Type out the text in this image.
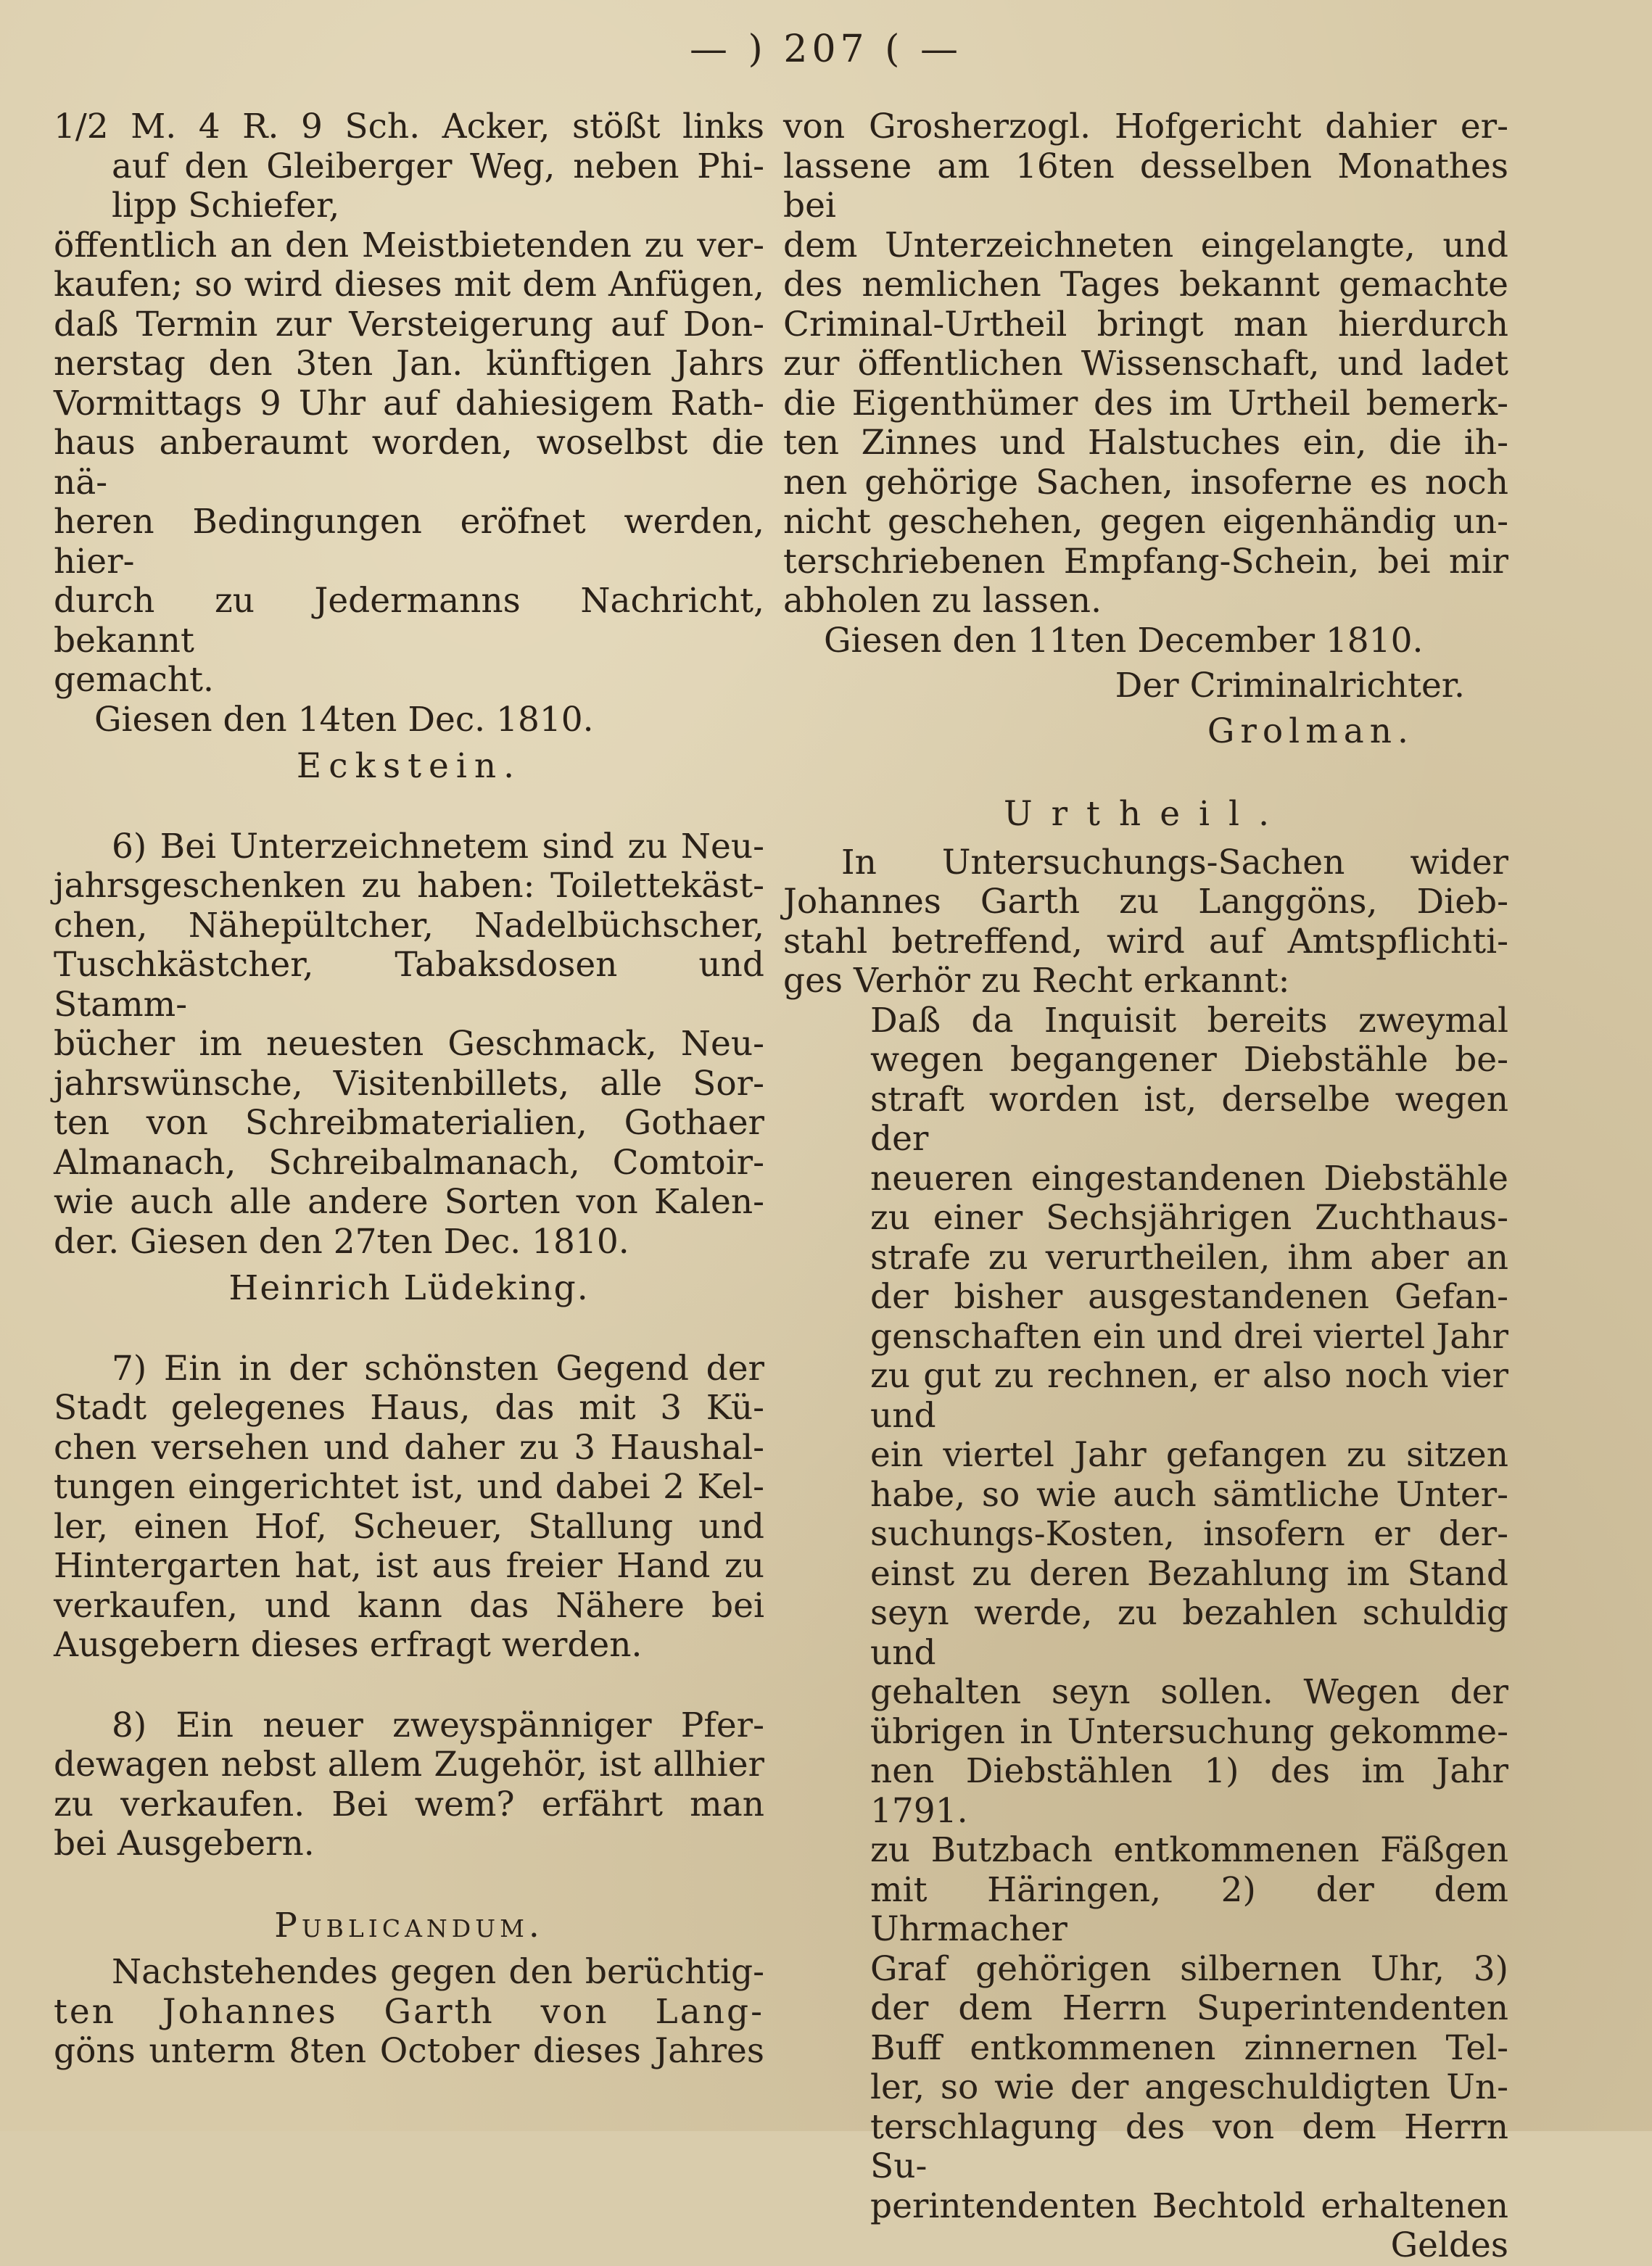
— ) 207 ( —

1/2 M. 4 R. 9 Sch. Acker, stößt links

auf den Gleiberger Weg, neben Phi-

lipp Schiefer,

öffentlich an den Meistbietenden zu ver-

kaufen; so wird dieses mit dem Anfügen,

daß Termin zur Versteigerung auf Don-

nerstag den 3ten Jan. künftigen Jahrs

Vormittags 9 Uhr auf dahiesigem Rath-

haus anberaumt worden, woselbst die nä-

heren Bedingungen eröfnet werden, hier-

durch zu Jedermanns Nachricht, bekannt

gemacht.

Giesen den 14ten Dec. 1810.

Eckstein.

6) Bei Unterzeichnetem sind zu Neu-

jahrsgeschenken zu haben: Toilettekäst-

chen, Nähepültcher, Nadelbüchscher,

Tuschkästcher, Tabaksdosen und Stamm-

bücher im neuesten Geschmack, Neu-

jahrswünsche, Visitenbillets, alle Sor-

ten von Schreibmaterialien, Gothaer

Almanach, Schreibalmanach, Comtoir-

wie auch alle andere Sorten von Kalen-

der. Giesen den 27ten Dec. 1810.

Heinrich Lüdeking.

7) Ein in der schönsten Gegend der

Stadt gelegenes Haus, das mit 3 Kü-

chen versehen und daher zu 3 Haushal-

tungen eingerichtet ist, und dabei 2 Kel-

ler, einen Hof, Scheuer, Stallung und

Hintergarten hat, ist aus freier Hand zu

verkaufen, und kann das Nähere bei

Ausgebern dieses erfragt werden.

8) Ein neuer zweyspänniger Pfer-

dewagen nebst allem Zugehör, ist allhier

zu verkaufen. Bei wem? erfährt man

bei Ausgebern.

Publicandum.

Nachstehendes gegen den berüchtig-

ten Johannes Garth von Lang-

göns unterm 8ten October dieses Jahres

von Grosherzogl. Hofgericht dahier er-

lassene am 16ten desselben Monathes bei

dem Unterzeichneten eingelangte, und

des nemlichen Tages bekannt gemachte

Criminal-Urtheil bringt man hierdurch

zur öffentlichen Wissenschaft, und ladet

die Eigenthümer des im Urtheil bemerk-

ten Zinnes und Halstuches ein, die ih-

nen gehörige Sachen, insoferne es noch

nicht geschehen, gegen eigenhändig un-

terschriebenen Empfang-Schein, bei mir

abholen zu lassen.

Giesen den 11ten December 1810.

Der Criminalrichter.

Grolman.

Urtheil.

In Untersuchungs-Sachen wider

Johannes Garth zu Langgöns, Dieb-

stahl betreffend, wird auf Amtspflichti-

ges Verhör zu Recht erkannt:

Daß da Inquisit bereits zweymal

wegen begangener Diebstähle be-

straft worden ist, derselbe wegen der

neueren eingestandenen Diebstähle

zu einer Sechsjährigen Zuchthaus-

strafe zu verurtheilen, ihm aber an

der bisher ausgestandenen Gefan-

genschaften ein und drei viertel Jahr

zu gut zu rechnen, er also noch vier und

ein viertel Jahr gefangen zu sitzen

habe, so wie auch sämtliche Unter-

suchungs-Kosten, insofern er der-

einst zu deren Bezahlung im Stand

seyn werde, zu bezahlen schuldig und

gehalten seyn sollen. Wegen der

übrigen in Untersuchung gekomme-

nen Diebstählen 1) des im Jahr 1791.

zu Butzbach entkommenen Fäßgen

mit Häringen, 2) der dem Uhrmacher

Graf gehörigen silbernen Uhr, 3)

der dem Herrn Superintendenten

Buff entkommenen zinnernen Tel-

ler, so wie der angeschuldigten Un-

terschlagung des von dem Herrn Su-

perintendenten Bechtold erhaltenen

Geldes
